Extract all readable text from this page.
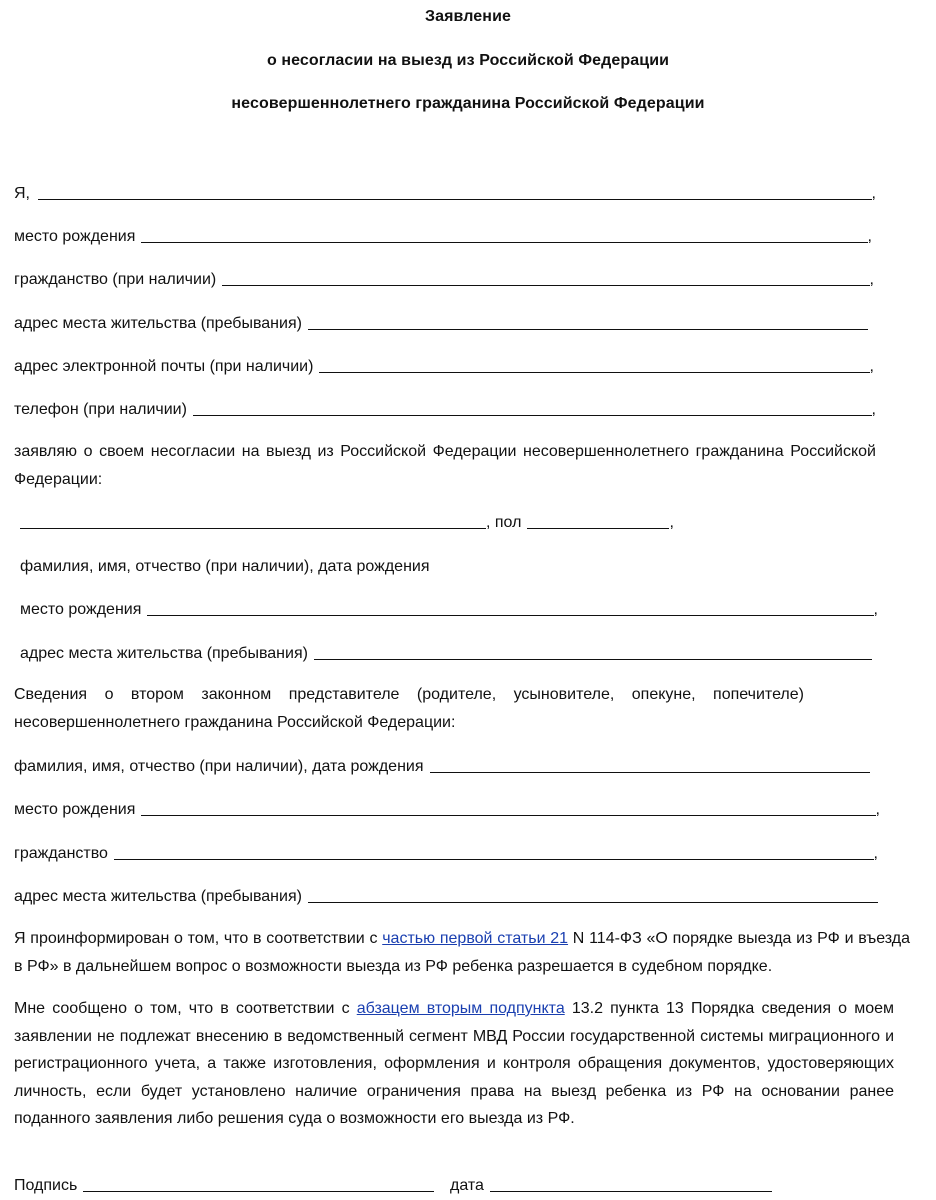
Заявление
о несогласии на выезд из Российской Федерации
несовершеннолетнего гражданина Российской Федерации
Я,	,
место рождения	,
гражданство (при наличии)	,
адрес места жительства (пребывания)
адрес электронной почты (при наличии)	,
телефон (при наличии)	,
заявляю о своем несогласии на выезд из Российской Федерации несовершеннолетнего гражданина Российской Федерации:
, пол	,
фамилия, имя, отчество (при наличии), дата рождения
место рождения	,
адрес места жительства (пребывания)
Сведения о втором законном представителе (родителе, усыновителе, опекуне, попечителе) несовершеннолетнего гражданина Российской Федерации:
фамилия, имя, отчество (при наличии), дата рождения
место рождения	,
гражданство	,
адрес места жительства (пребывания)
Я проинформирован о том, что в соответствии с частью первой статьи 21 N 114-ФЗ «О порядке выезда из РФ и въезда в РФ» в дальнейшем вопрос о возможности выезда из РФ ребенка разрешается в судебном порядке.
Мне сообщено о том, что в соответствии с абзацем вторым подпункта 13.2 пункта 13 Порядка сведения о моем заявлении не подлежат внесению в ведомственный сегмент МВД России государственной системы миграционного и регистрационного учета, а также изготовления, оформления и контроля обращения документов, удостоверяющих личность, если будет установлено наличие ограничения права на выезд ребенка из РФ на основании ранее поданного заявления либо решения суда о возможности его выезда из РФ.
Подпись	дата
